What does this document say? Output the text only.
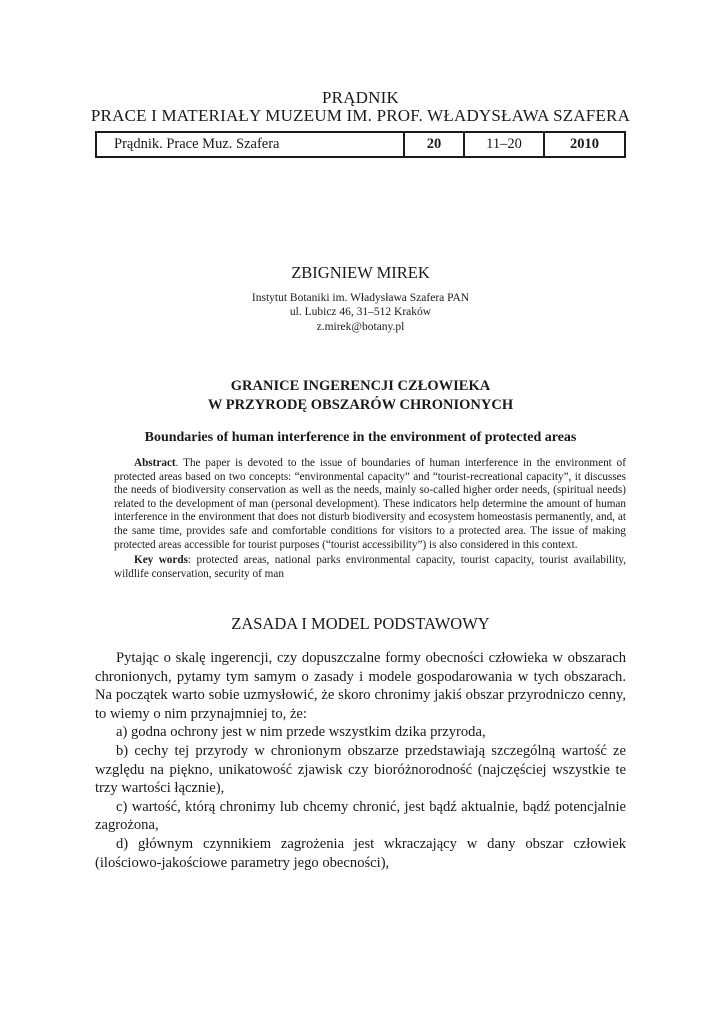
PRĄDNIK
PRACE I MATERIAŁY MUZEUM IM. PROF. WŁADYSŁAWA SZAFERA
Prądnik. Prace Muz. Szafera	20	11–20	2010
ZBIGNIEW MIREK
Instytut Botaniki im. Władysława Szafera PAN
ul. Lubicz 46, 31–512 Kraków
z.mirek@botany.pl
GRANICE INGERENCJI CZŁOWIEKA
W PRZYRODĘ OBSZARÓW CHRONIONYCH
Boundaries of human interference in the environment of protected areas

Abstract. The paper is devoted to the issue of boundaries of human interference in the environment of protected areas based on two concepts: “environmental capacity” and “tourist-recreational capacity”, it discusses the needs of biodiversity conservation as well as the needs, mainly so-called higher order needs, (spiritual needs) related to the development of man (personal development). These indicators help determine the amount of human interference in the environment that does not disturb biodiversity and ecosystem homeostasis permanently, and, at the same time, provides safe and comfortable conditions for visitors to a protected area. The issue of making protected areas accessible for tourist purposes (“tourist accessibility”) is also considered in this context.

Key words: protected areas, national parks environmental capacity, tourist capacity, tourist availability, wildlife conservation, security of man

ZASADA I MODEL PODSTAWOWY

Pytając o skalę ingerencji, czy dopuszczalne formy obecności człowieka w obszarach chronionych, pytamy tym samym o zasady i modele gospodarowania w tych obszarach. Na początek warto sobie uzmysłowić, że skoro chronimy jakiś obszar przyrodniczo cenny, to wiemy o nim przynajmniej to, że:

a) godna ochrony jest w nim przede wszystkim dzika przyroda,

b) cechy tej przyrody w chronionym obszarze przedstawiają szczególną wartość ze względu na piękno, unikatowość zjawisk czy bioróżnorodność (najczęściej wszystkie te trzy wartości łącznie),

c) wartość, którą chronimy lub chcemy chronić, jest bądź aktualnie, bądź potencjalnie zagrożona,

d) głównym czynnikiem zagrożenia jest wkraczający w dany obszar człowiek (ilościowo-jakościowe parametry jego obecności),
